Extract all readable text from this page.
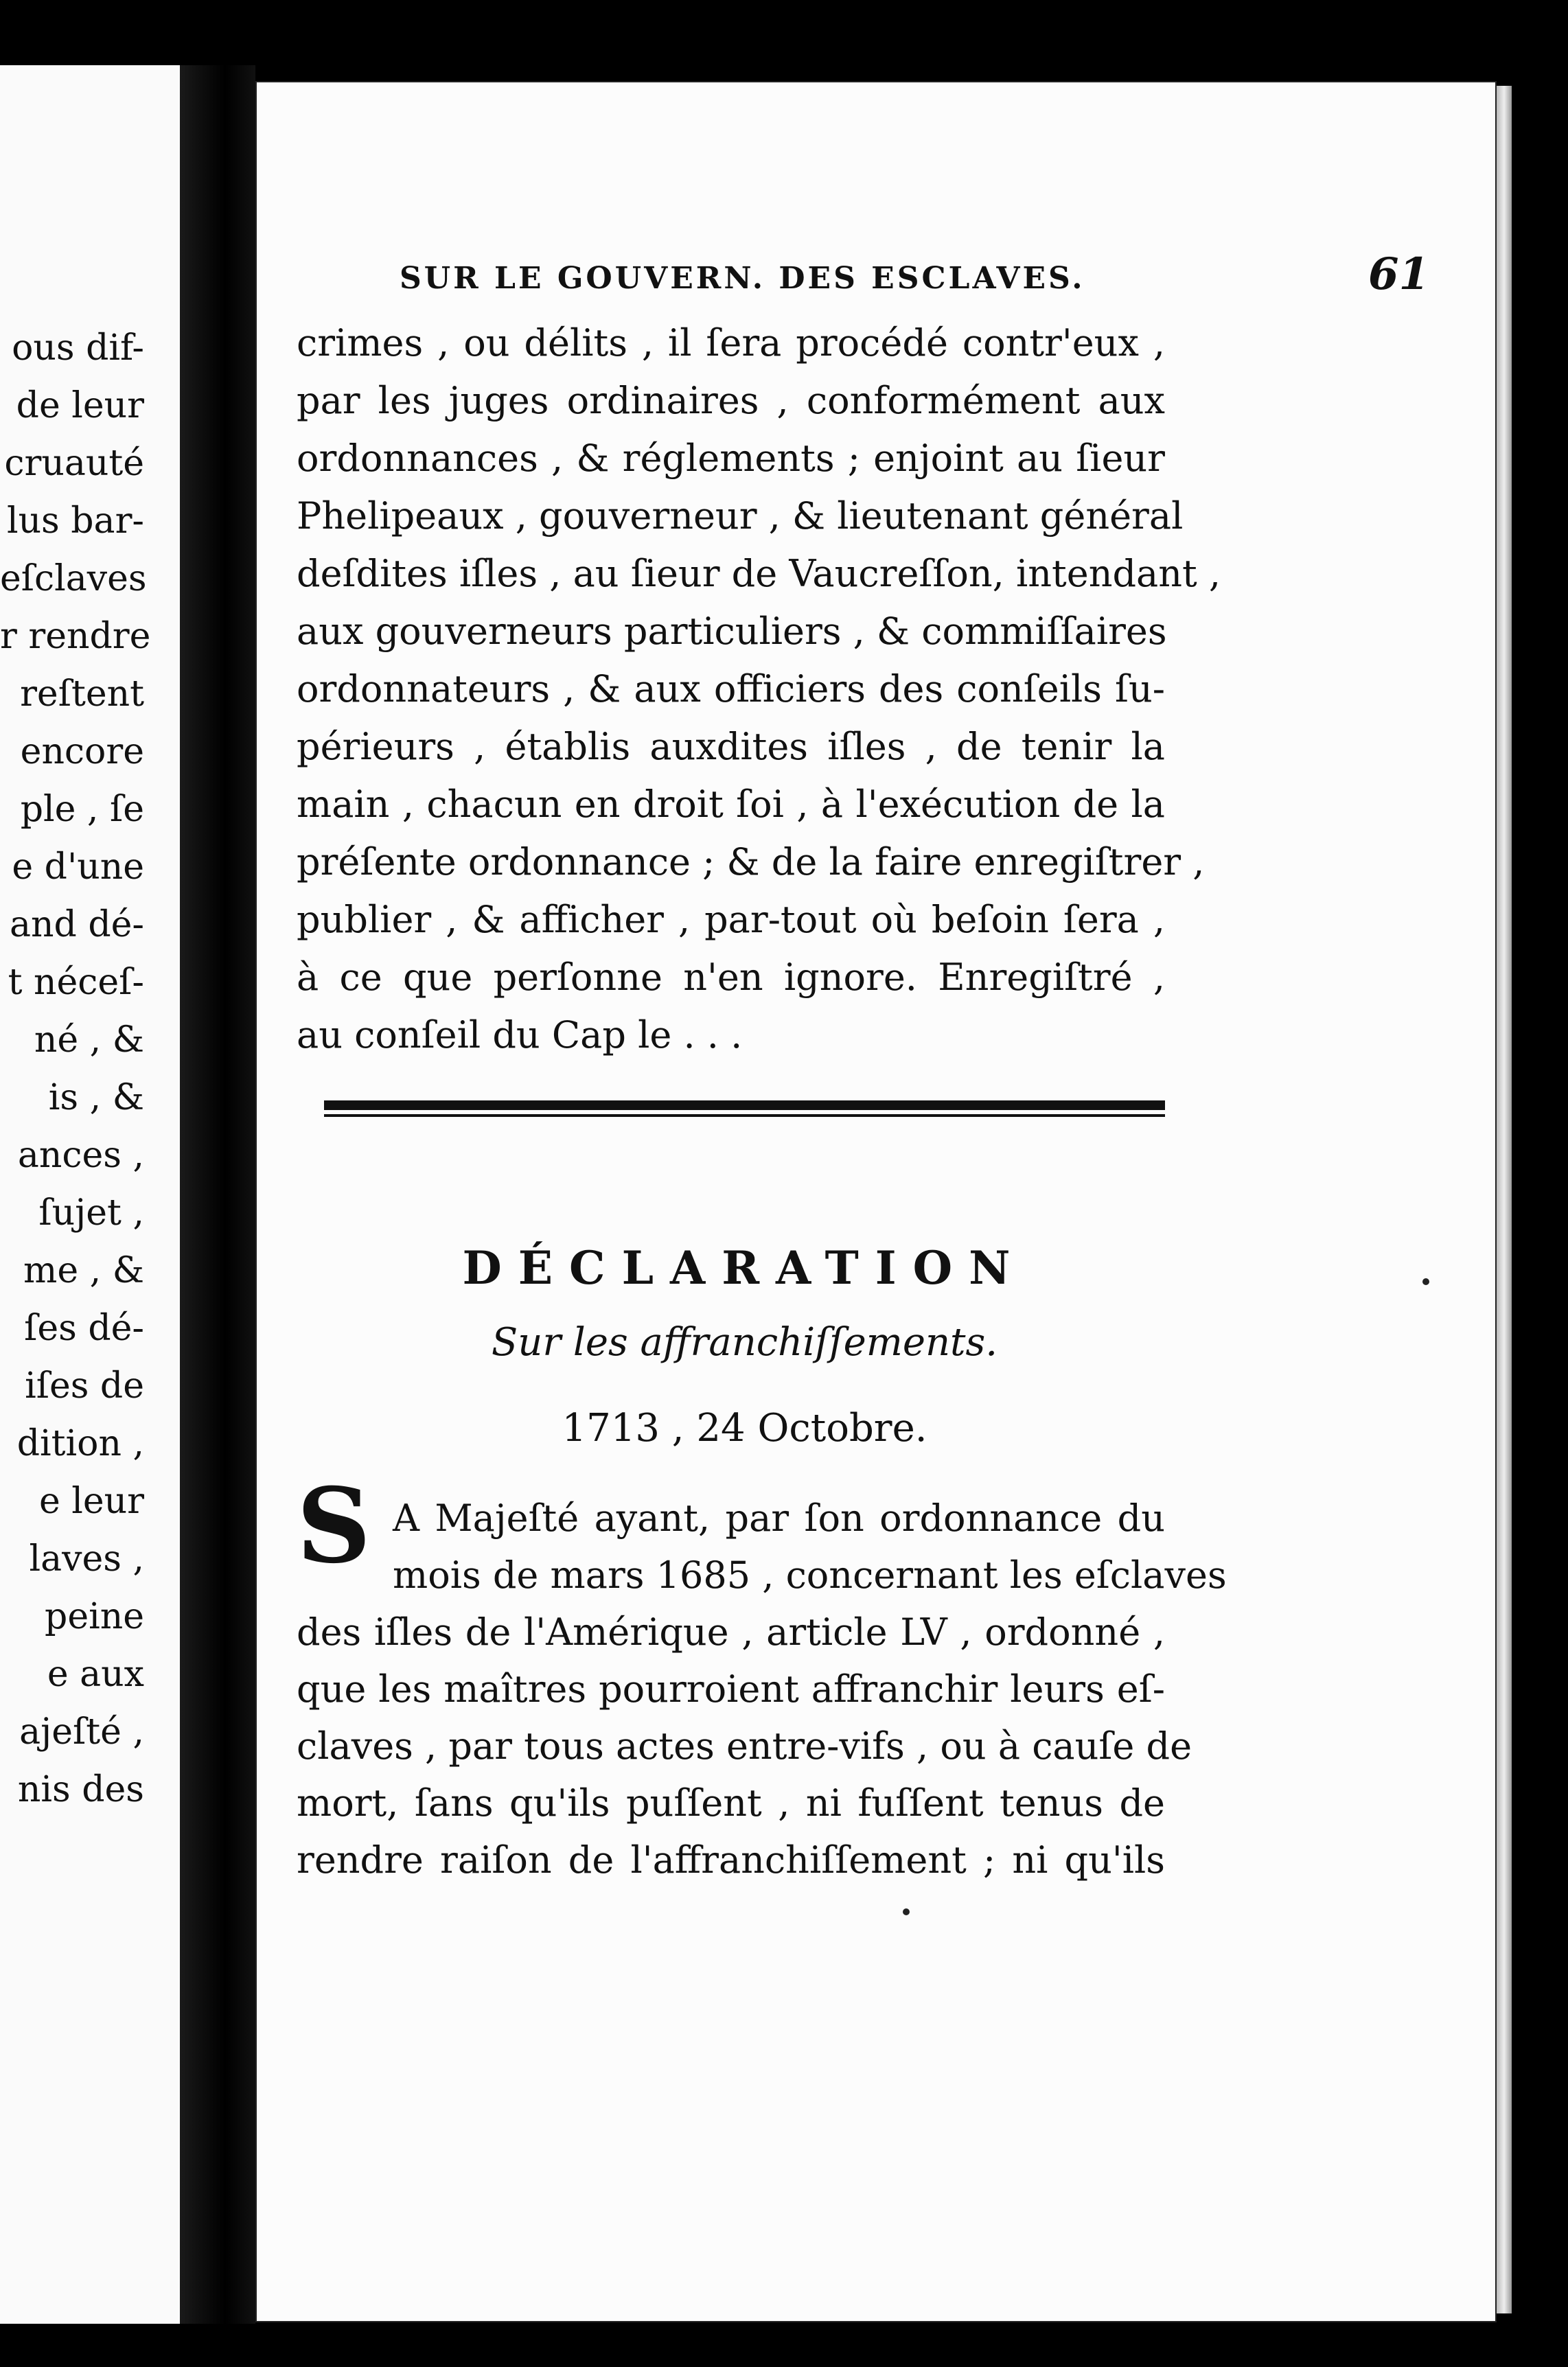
ous dif-
de leur
cruauté
lus bar-
eſclaves
r rendre
reſtent
encore
ple , ſe
e d'une
and dé-
t néceſ-
né , &
is , &
ances ,
ſujet ,
me , &
ſes dé-
iſes de
dition ,
e leur
laves ,
peine
e aux
ajeſté ,
nis des
SUR LE GOUVERN. DES ESCLAVES.	61
crimes , ou délits , il ſera procédé contr'eux ,
par les juges ordinaires , conformément aux
ordonnances , & réglements ; enjoint au ſieur
Phelipeaux , gouverneur , & lieutenant général
deſdites iſles , au ſieur de Vaucreſſon, intendant ,
aux gouverneurs particuliers , & commiſſaires
ordonnateurs , & aux officiers des conſeils ſu-
périeurs , établis auxdites iſles , de tenir la
main , chacun en droit ſoi , à l'exécution de la
préſente ordonnance ; & de la faire enregiſtrer ,
publier , & afficher , par-tout où beſoin ſera ,
à ce que perſonne n'en ignore. Enregiſtré ,
au conſeil du Cap le . . .
DÉCLARATION
Sur les affranchiſſements.
1713 , 24 Octobre.
S A Majeſté ayant, par ſon ordonnance du
mois de mars 1685 , concernant les eſclaves
des iſles de l'Amérique , article LV , ordonné ,
que les maîtres pourroient affranchir leurs eſ-
claves , par tous actes entre-vifs , ou à cauſe de
mort, ſans qu'ils puſſent , ni fuſſent tenus de
rendre raiſon de l'affranchiſſement ; ni qu'ils
